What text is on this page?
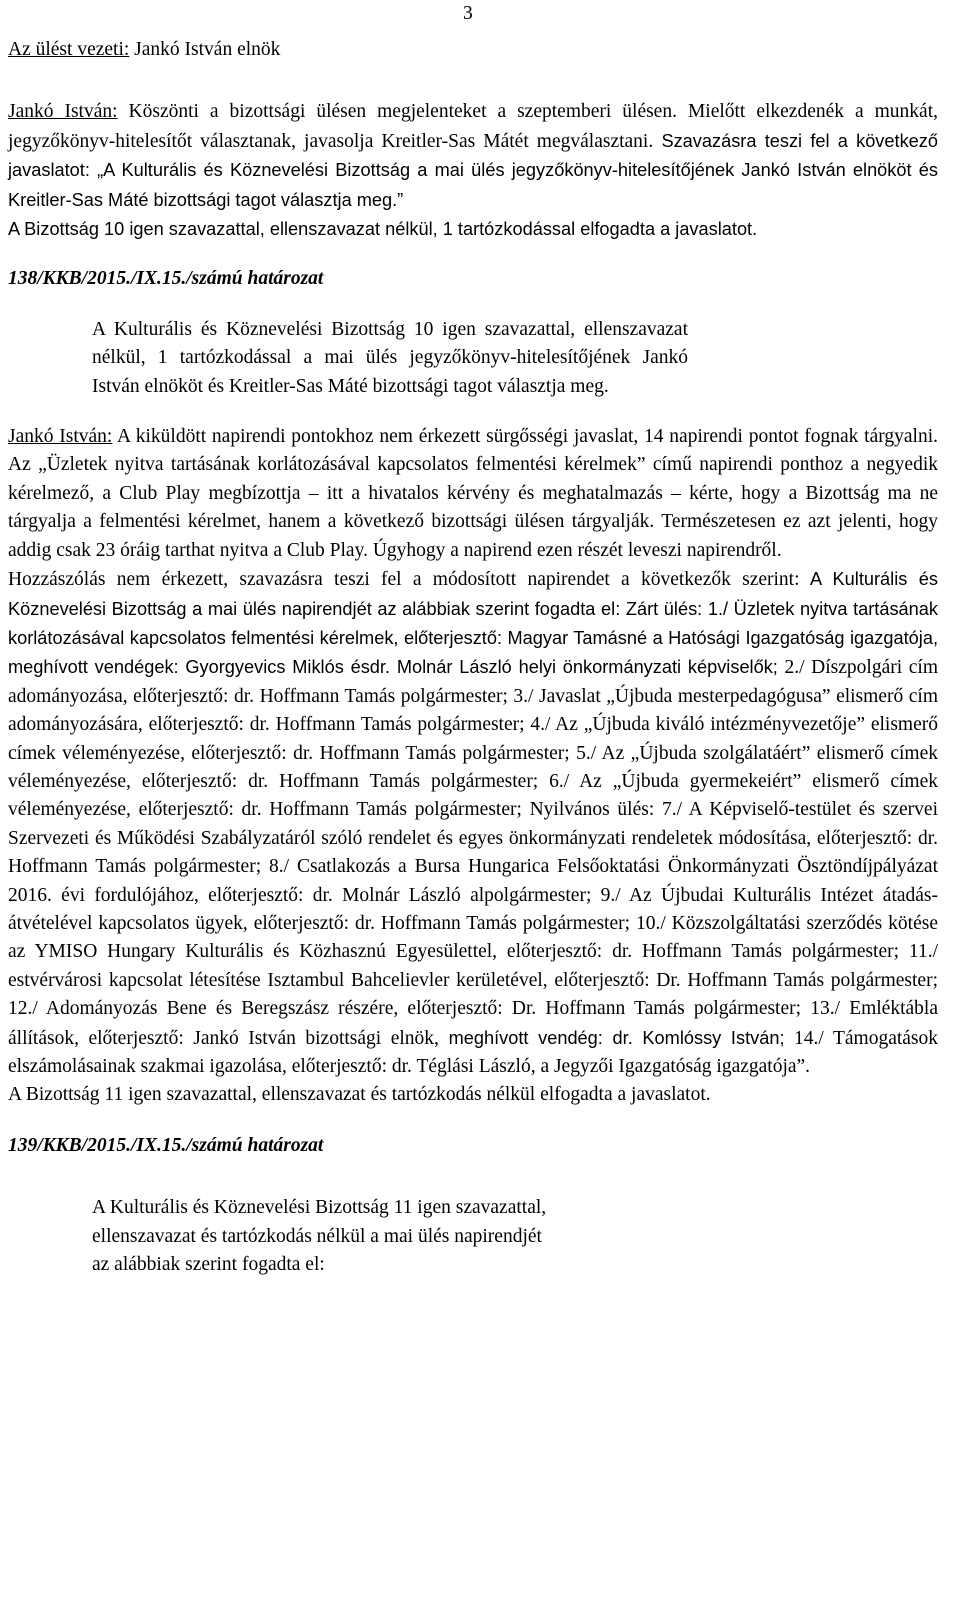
3

Az ülést vezeti: Jankó István elnök

Jankó István: Köszönti a bizottsági ülésen megjelenteket a szeptemberi ülésen. Mielőtt elkezdenék a munkát, jegyzőkönyv-hitelesítőt választanak, javasolja Kreitler-Sas Mátét megválasztani. Szavazásra teszi fel a következő javaslatot: „A Kulturális és Köznevelési Bizottság a mai ülés jegyzőkönyv-hitelesítőjének Jankó István elnököt és Kreitler-Sas Máté bizottsági tagot választja meg.”

A Bizottság 10 igen szavazattal, ellenszavazat nélkül, 1 tartózkodással elfogadta a javaslatot.

138/KKB/2015./IX.15./számú határozat

A Kulturális és Köznevelési Bizottság 10 igen szavazattal, ellenszavazat nélkül, 1 tartózkodással a mai ülés jegyzőkönyv-hitelesítőjének Jankó István elnököt és Kreitler-Sas Máté bizottsági tagot választja meg.

Jankó István: A kiküldött napirendi pontokhoz nem érkezett sürgősségi javaslat, 14 napirendi pontot fognak tárgyalni. Az „Üzletek nyitva tartásának korlátozásával kapcsolatos felmentési kérelmek” című napirendi ponthoz a negyedik kérelmező, a Club Play megbízottja – itt a hivatalos kérvény és meghatalmazás – kérte, hogy a Bizottság ma ne tárgyalja a felmentési kérelmet, hanem a következő bizottsági ülésen tárgyalják. Természetesen ez azt jelenti, hogy addig csak 23 óráig tarthat nyitva a Club Play. Úgyhogy a napirend ezen részét leveszi napirendről.

Hozzászólás nem érkezett, szavazásra teszi fel a módosított napirendet a következők szerint: A Kulturális és Köznevelési Bizottság a mai ülés napirendjét az alábbiak szerint fogadta el: Zárt ülés: 1./ Üzletek nyitva tartásának korlátozásával kapcsolatos felmentési kérelmek, előterjesztő: Magyar Tamásné a Hatósági Igazgatóság igazgatója, meghívott vendégek: Gyorgyevics Miklós ésdr. Molnár László helyi önkormányzati képviselők; 2./ Díszpolgári cím adományozása, előterjesztő: dr. Hoffmann Tamás polgármester; 3./ Javaslat „Újbuda mesterpedagógusa” elismerő cím adományozására, előterjesztő: dr. Hoffmann Tamás polgármester; 4./ Az „Újbuda kiváló intézményvezetője” elismerő címek véleményezése, előterjesztő: dr. Hoffmann Tamás polgármester; 5./ Az „Újbuda szolgálatáért” elismerő címek véleményezése, előterjesztő: dr. Hoffmann Tamás polgármester; 6./ Az „Újbuda gyermekeiért” elismerő címek véleményezése, előterjesztő: dr. Hoffmann Tamás polgármester; Nyilvános ülés: 7./ A Képviselő-testület és szervei Szervezeti és Működési Szabályzatáról szóló rendelet és egyes önkormányzati rendeletek módosítása, előterjesztő: dr. Hoffmann Tamás polgármester; 8./ Csatlakozás a Bursa Hungarica Felsőoktatási Önkormányzati Ösztöndíjpályázat 2016. évi fordulójához, előterjesztő: dr. Molnár László alpolgármester; 9./ Az Újbudai Kulturális Intézet átadás-átvételével kapcsolatos ügyek, előterjesztő: dr. Hoffmann Tamás polgármester; 10./ Közszolgáltatási szerződés kötése az YMISO Hungary Kulturális és Közhasznú Egyesülettel, előterjesztő: dr. Hoffmann Tamás polgármester; 11./ estvérvárosi kapcsolat létesítése Isztambul Bahcelievler kerületével, előterjesztő: Dr. Hoffmann Tamás polgármester; 12./ Adományozás Bene és Beregszász részére, előterjesztő: Dr. Hoffmann Tamás polgármester; 13./ Emléktábla állítások, előterjesztő: Jankó István bizottsági elnök, meghívott vendég: dr. Komlóssy István; 14./ Támogatások elszámolásainak szakmai igazolása, előterjesztő: dr. Téglási László, a Jegyzői Igazgatóság igazgatója”.

A Bizottság 11 igen szavazattal, ellenszavazat és tartózkodás nélkül elfogadta a javaslatot.

139/KKB/2015./IX.15./számú határozat

A Kulturális és Köznevelési Bizottság 11 igen szavazattal,

ellenszavazat és tartózkodás nélkül a mai ülés napirendjét

az alábbiak szerint fogadta el:
